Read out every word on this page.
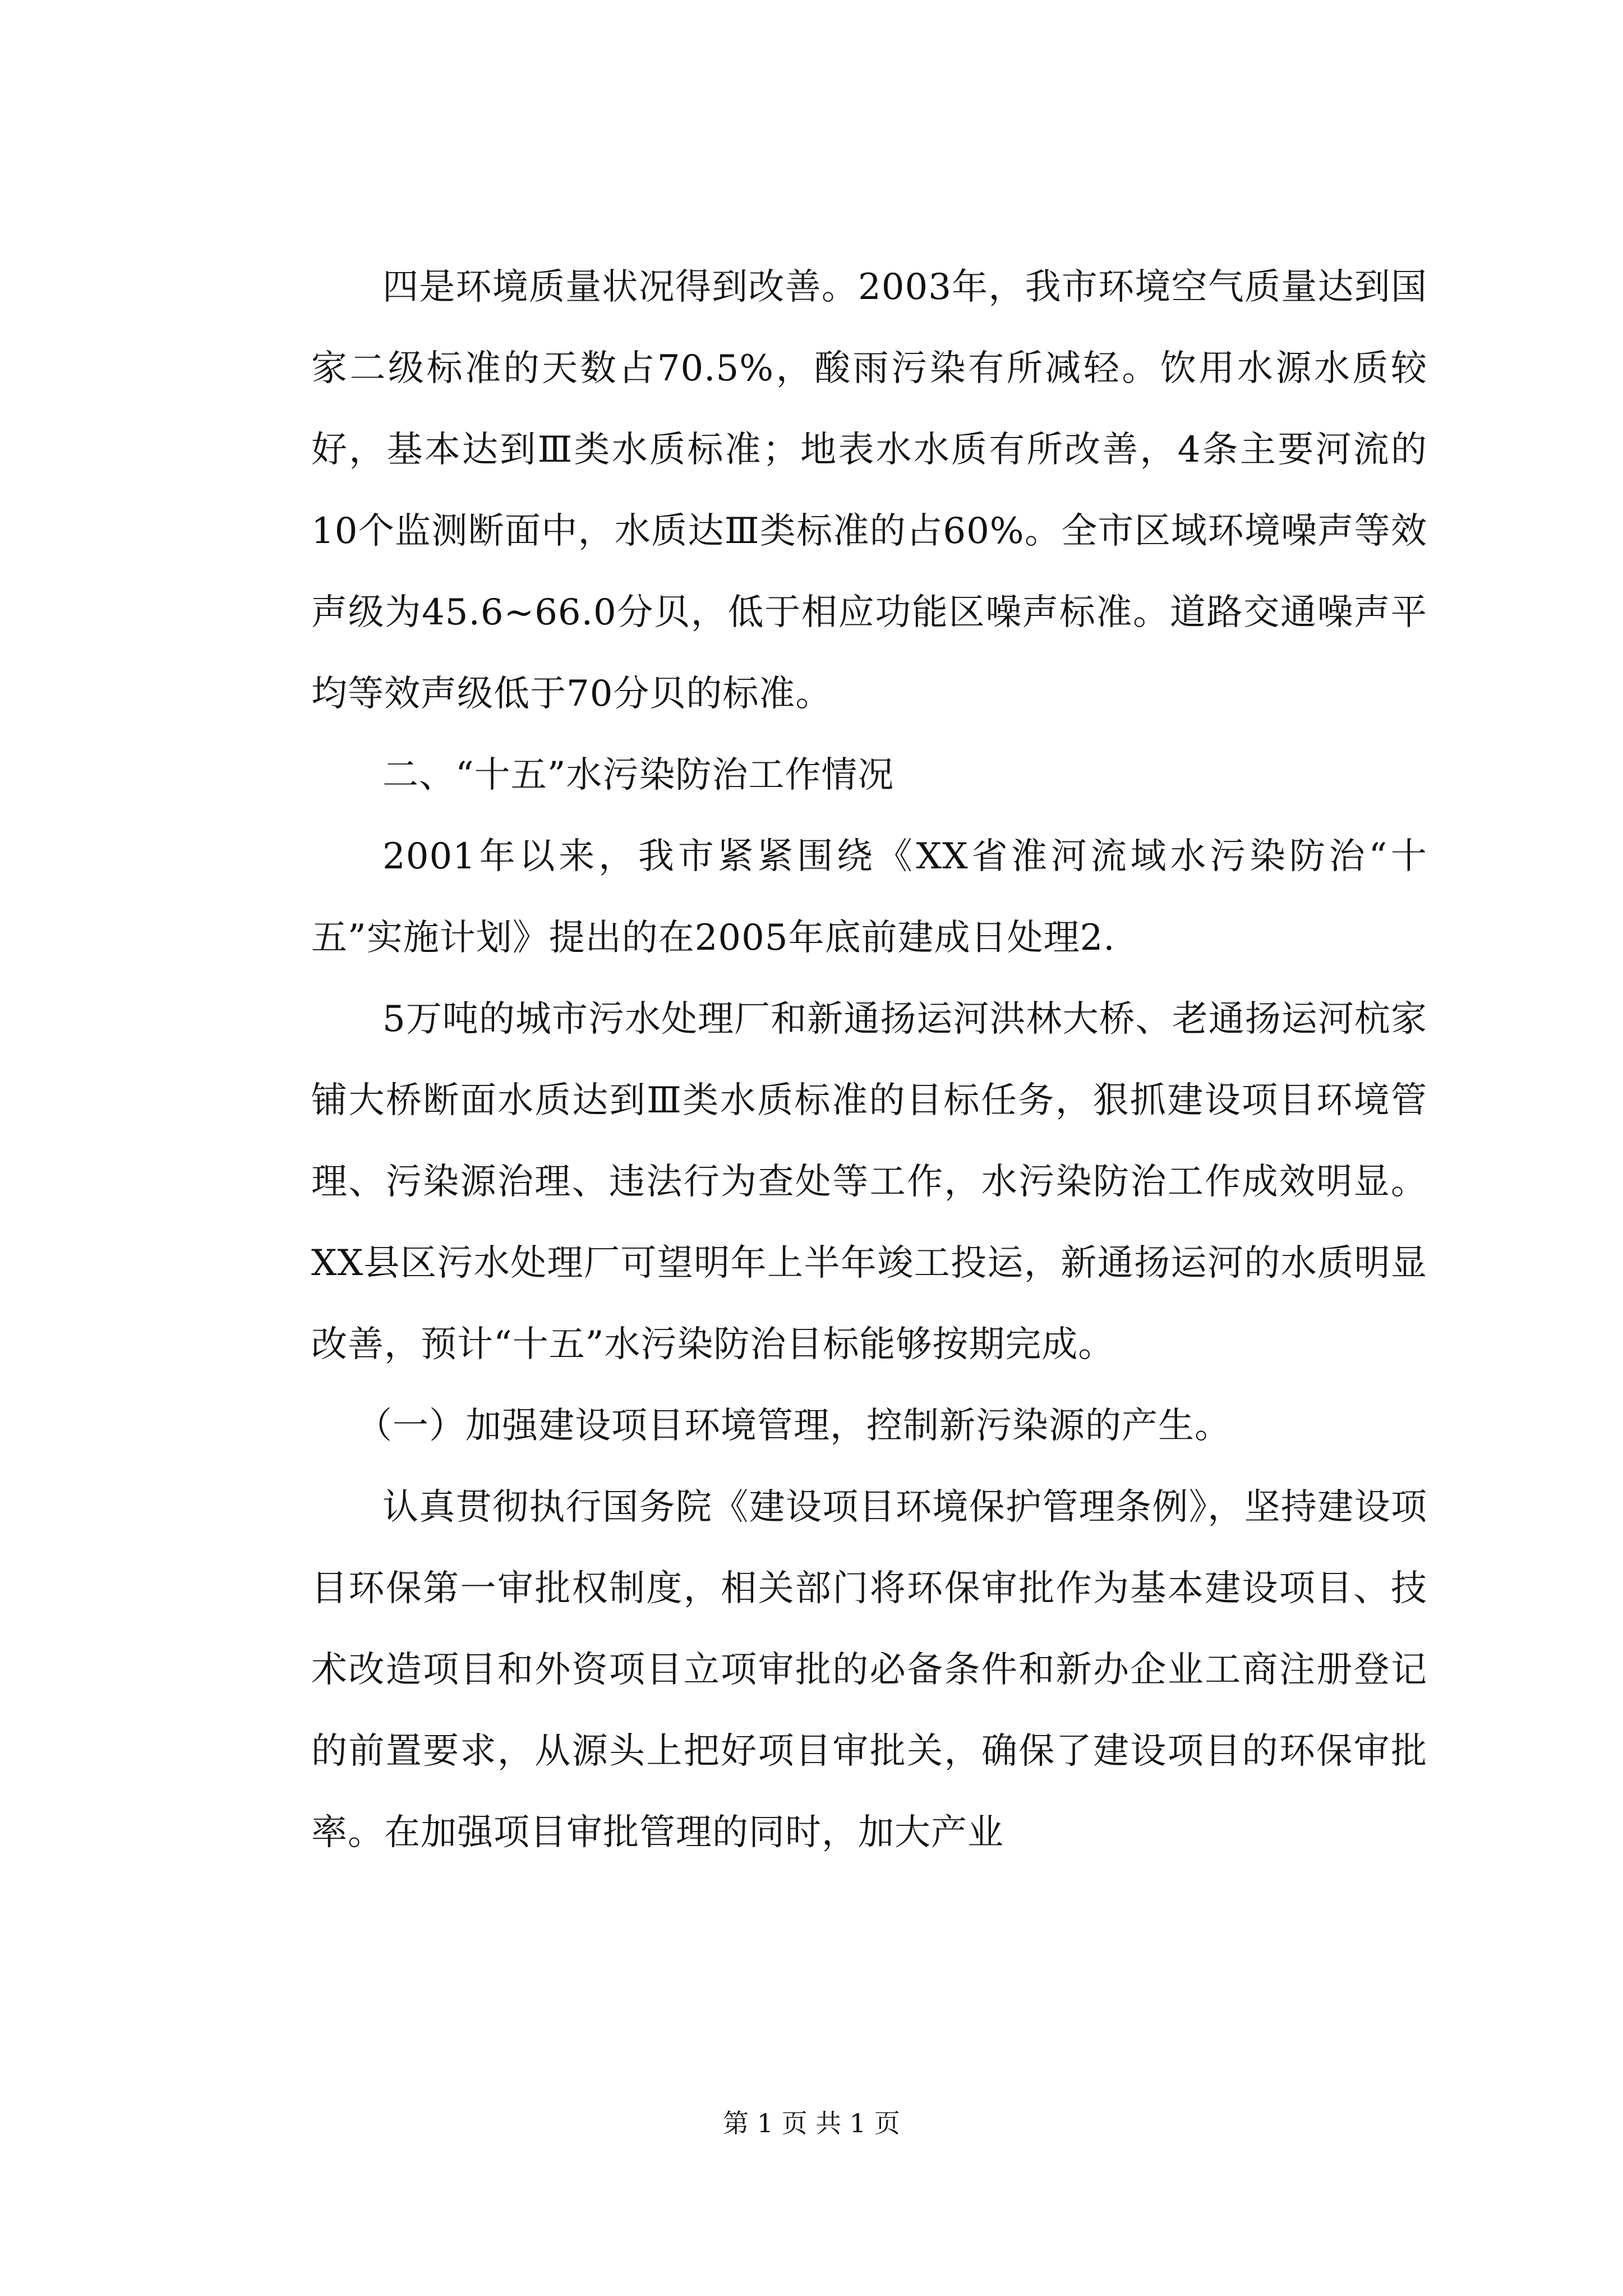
四是环境质量状况得到改善。2003年，我市环境空气质量达到国家二级标准的天数占70.5%，酸雨污染有所减轻。饮用水源水质较好，基本达到Ⅲ类水质标准；地表水水质有所改善，4条主要河流的10个监测断面中，水质达Ⅲ类标准的占60%。全市区域环境噪声等效声级为45.6~66.0分贝，低于相应功能区噪声标准。道路交通噪声平均等效声级低于70分贝的标准。

二、“十五”水污染防治工作情况

2001年以来，我市紧紧围绕《XX省淮河流域水污染防治“十五”实施计划》提出的在2005年底前建成日处理2.

5万吨的城市污水处理厂和新通扬运河洪林大桥、老通扬运河杭家铺大桥断面水质达到Ⅲ类水质标准的目标任务，狠抓建设项目环境管理、污染源治理、违法行为查处等工作，水污染防治工作成效明显。XX县区污水处理厂可望明年上半年竣工投运，新通扬运河的水质明显改善，预计“十五”水污染防治目标能够按期完成。

（一）加强建设项目环境管理，控制新污染源的产生。

认真贯彻执行国务院《建设项目环境保护管理条例》，坚持建设项目环保第一审批权制度，相关部门将环保审批作为基本建设项目、技术改造项目和外资项目立项审批的必备条件和新办企业工商注册登记的前置要求，从源头上把好项目审批关，确保了建设项目的环保审批率。在加强项目审批管理的同时，加大产业

第 1 页 共 1 页
